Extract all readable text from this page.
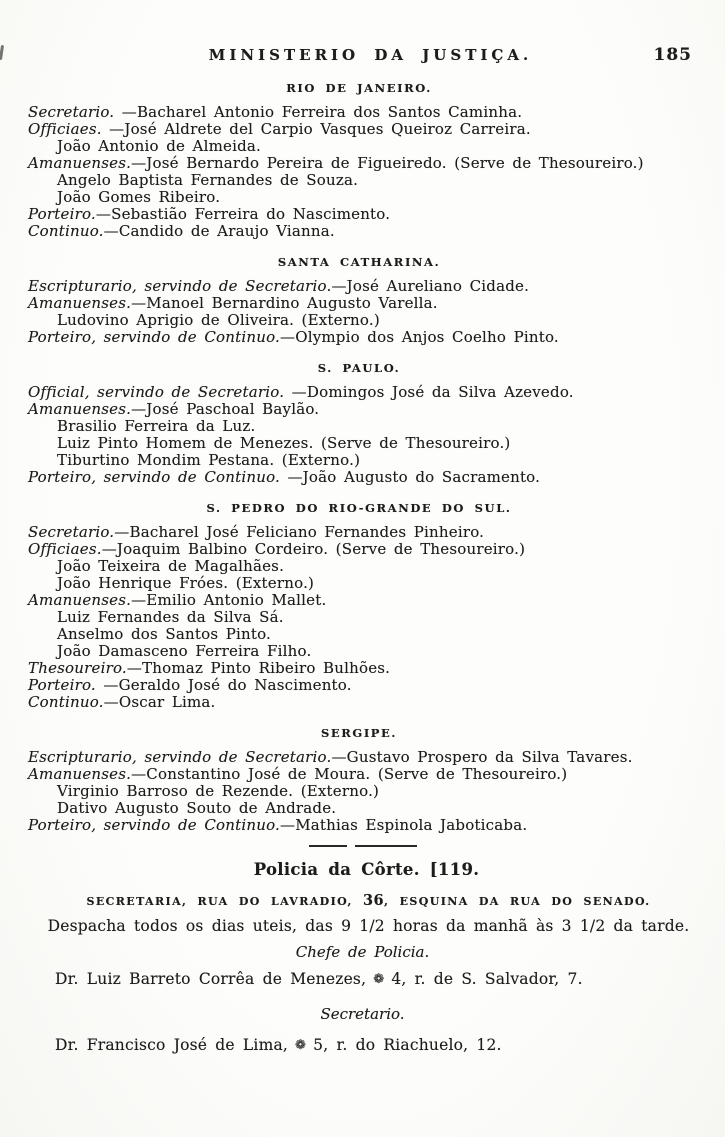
MINISTERIO DA JUSTIÇA.	185
RIO DE JANEIRO.
Secretario. —Bacharel Antonio Ferreira dos Santos Caminha.
Officiaes. —José Aldrete del Carpio Vasques Queiroz Carreira.
João Antonio de Almeida.
Amanuenses.—José Bernardo Pereira de Figueiredo. (Serve de Thesoureiro.)
Angelo Baptista Fernandes de Souza.
João Gomes Ribeiro.
Porteiro.—Sebastião Ferreira do Nascimento.
Continuo.—Candido de Araujo Vianna.
SANTA CATHARINA.
Escripturario, servindo de Secretario.—José Aureliano Cidade.
Amanuenses.—Manoel Bernardino Augusto Varella.
Ludovino Aprigio de Oliveira. (Externo.)
Porteiro, servindo de Continuo.—Olympio dos Anjos Coelho Pinto.
S. PAULO.
Official, servindo de Secretario. —Domingos José da Silva Azevedo.
Amanuenses.—José Paschoal Baylão.
Brasilio Ferreira da Luz.
Luiz Pinto Homem de Menezes. (Serve de Thesoureiro.)
Tiburtino Mondim Pestana. (Externo.)
Porteiro, servindo de Continuo. —João Augusto do Sacramento.
S. PEDRO DO RIO-GRANDE DO SUL.
Secretario.—Bacharel José Feliciano Fernandes Pinheiro.
Officiaes.—Joaquim Balbino Cordeiro. (Serve de Thesoureiro.)
João Teixeira de Magalhães.
João Henrique Fróes. (Externo.)
Amanuenses.—Emilio Antonio Mallet.
Luiz Fernandes da Silva Sá.
Anselmo dos Santos Pinto.
João Damasceno Ferreira Filho.
Thesoureiro.—Thomaz Pinto Ribeiro Bulhões.
Porteiro. —Geraldo José do Nascimento.
Continuo.—Oscar Lima.
SERGIPE.
Escripturario, servindo de Secretario.—Gustavo Prospero da Silva Tavares.
Amanuenses.—Constantino José de Moura. (Serve de Thesoureiro.)
Virginio Barroso de Rezende. (Externo.)
Dativo Augusto Souto de Andrade.
Porteiro, servindo de Continuo.—Mathias Espinola Jaboticaba.
Policia da Côrte. [119.
SECRETARIA, RUA DO LAVRADIO, 36, ESQUINA DA RUA DO SENADO.
Despacha todos os dias uteis, das 9 1/2 horas da manhã às 3 1/2 da tarde.
Chefe de Policia.
Dr. Luiz Barreto Corrêa de Menezes, ❁ 4, r. de S. Salvador, 7.
Secretario.
Dr. Francisco José de Lima, ❁ 5, r. do Riachuelo, 12.
